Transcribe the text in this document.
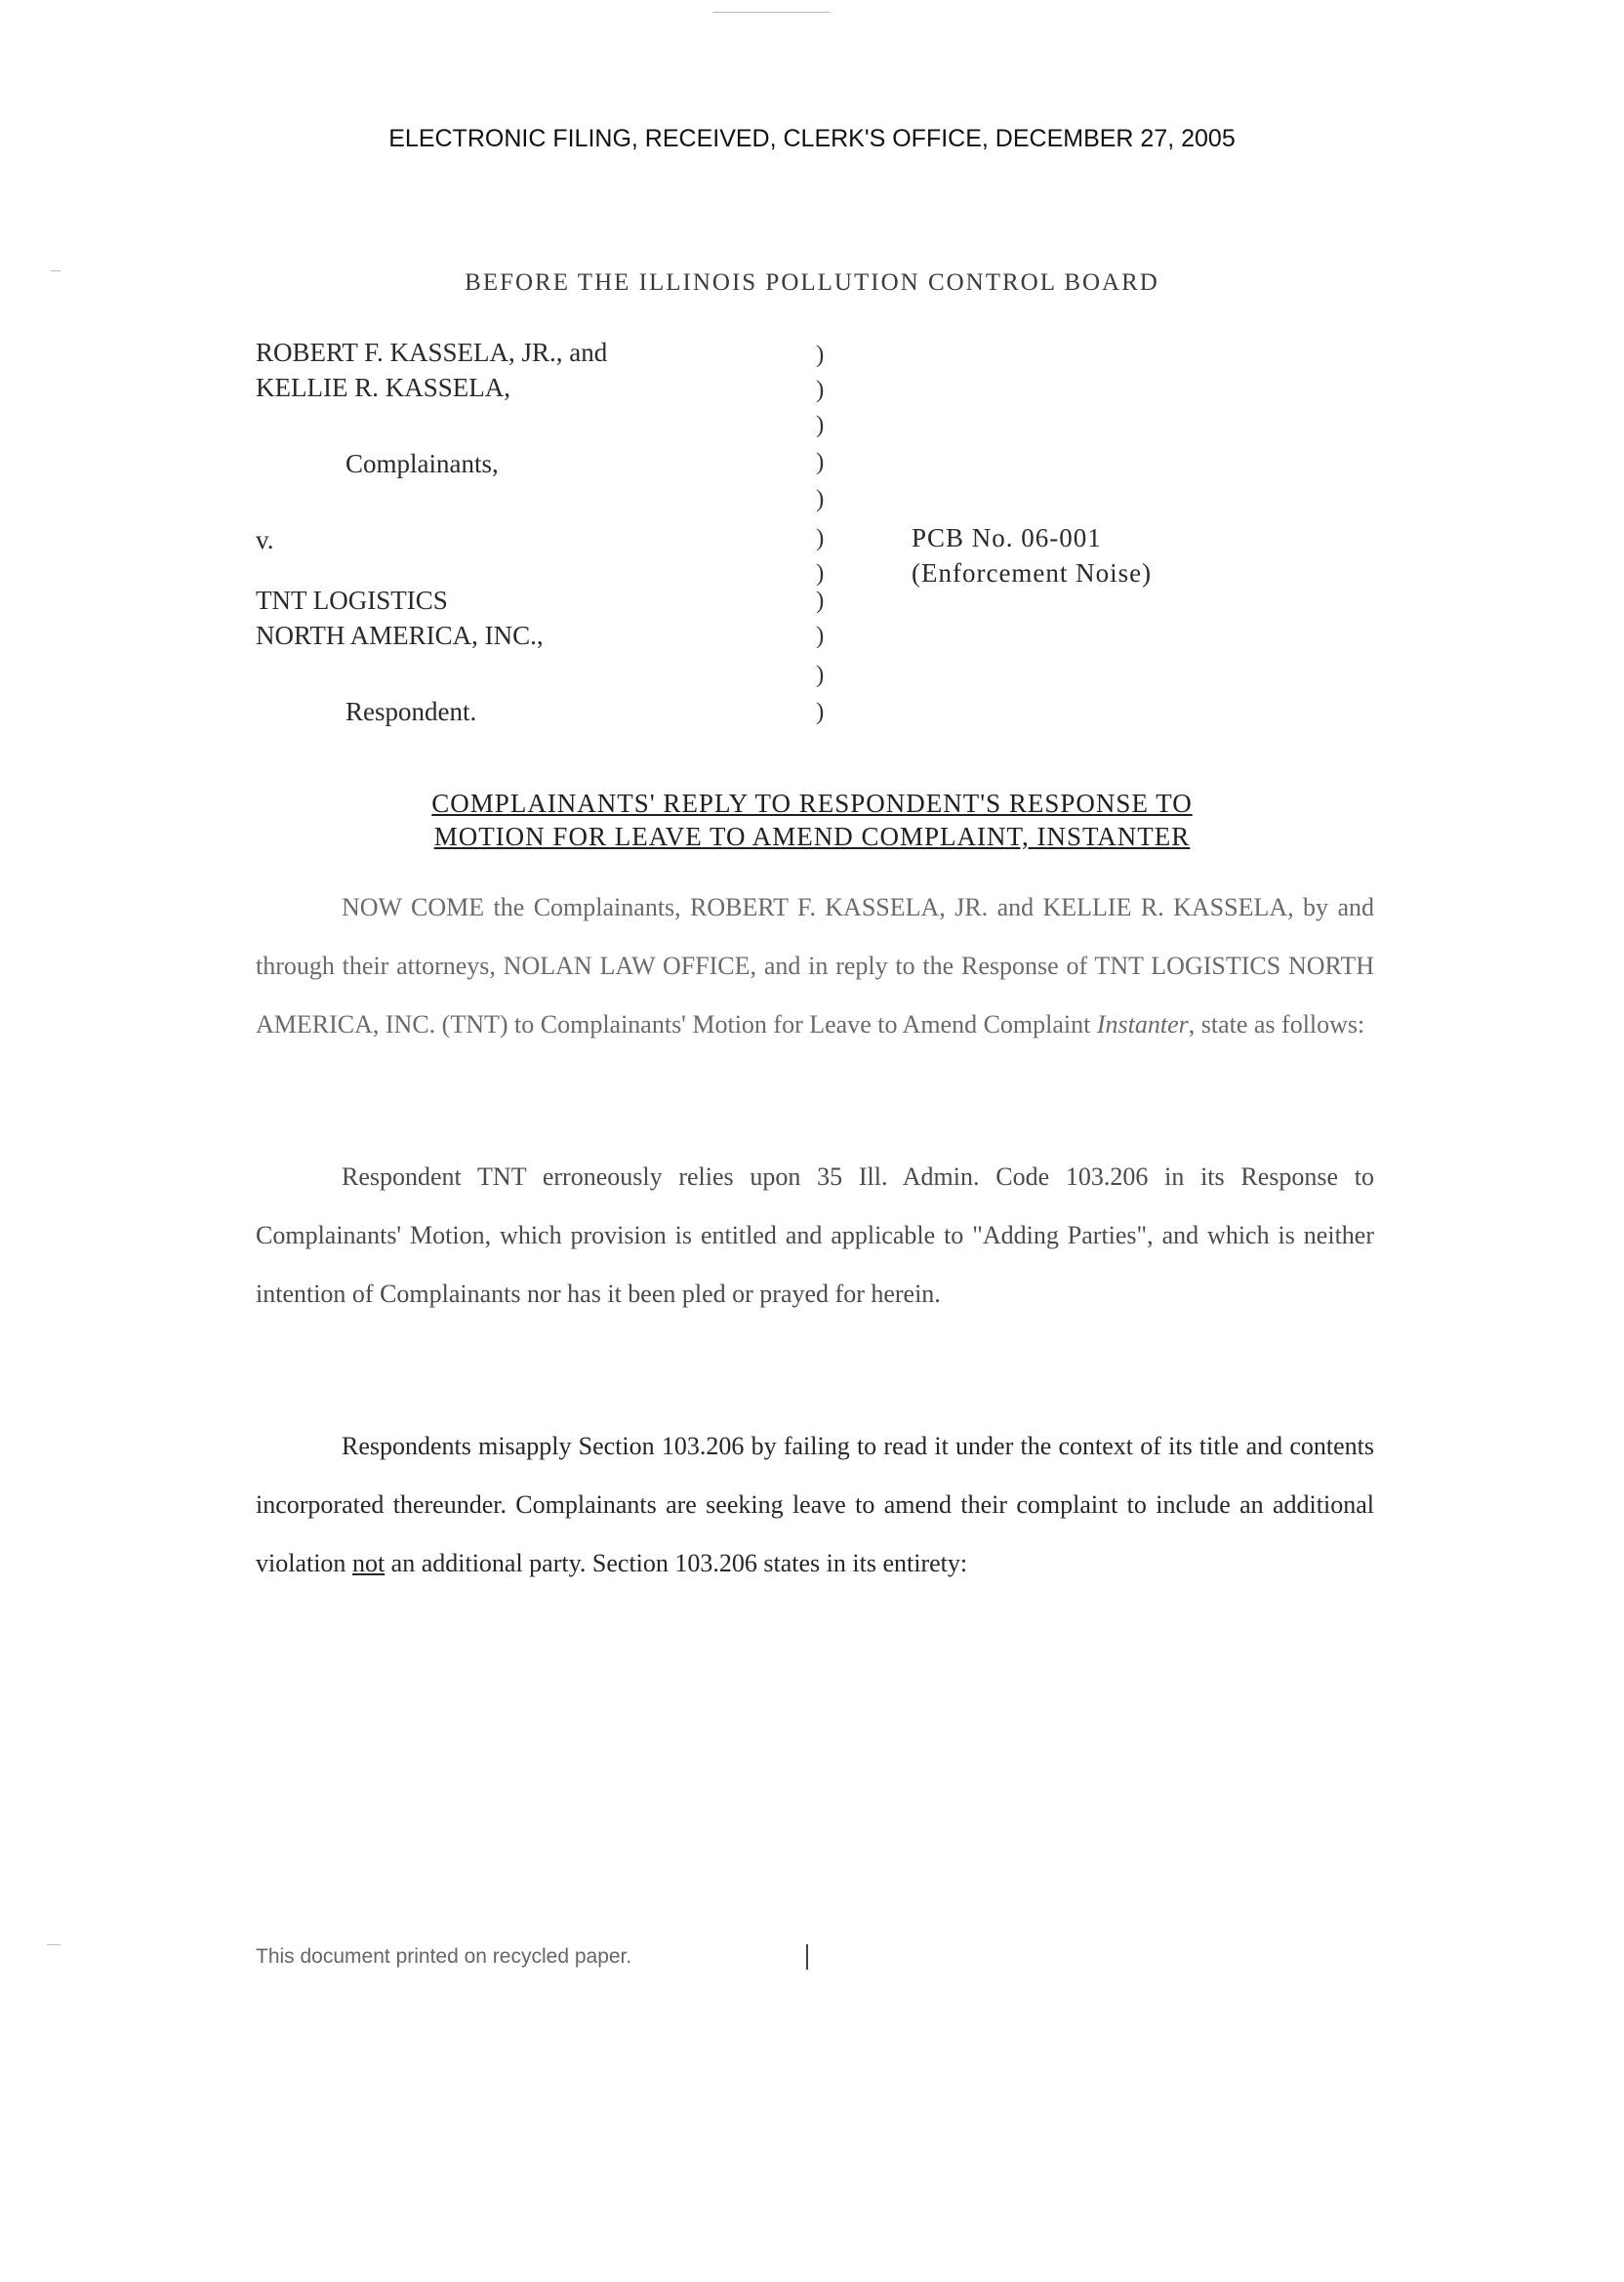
ELECTRONIC FILING, RECEIVED, CLERK'S OFFICE, DECEMBER 27, 2005
BEFORE THE ILLINOIS POLLUTION CONTROL BOARD
ROBERT F. KASSELA, JR., and
KELLIE R. KASSELA,
Complainants,
v.
TNT LOGISTICS
NORTH AMERICA, INC.,
Respondent.
)
)
)
)
)
)
)
)
)
)
)
PCB No. 06-001
(Enforcement Noise)
COMPLAINANTS' REPLY TO RESPONDENT'S RESPONSE TO
MOTION FOR LEAVE TO AMEND COMPLAINT, INSTANTER

NOW COME the Complainants, ROBERT F. KASSELA, JR. and KELLIE R. KASSELA, by and through their attorneys, NOLAN LAW OFFICE, and in reply to the Response of TNT LOGISTICS NORTH AMERICA, INC. (TNT) to Complainants' Motion for Leave to Amend Complaint Instanter, state as follows:

Respondent TNT erroneously relies upon 35 Ill. Admin. Code 103.206 in its Response to Complainants' Motion, which provision is entitled and applicable to "Adding Parties", and which is neither intention of Complainants nor has it been pled or prayed for herein.

Respondents misapply Section 103.206 by failing to read it under the context of its title and contents incorporated thereunder. Complainants are seeking leave to amend their complaint to include an additional violation not an additional party. Section 103.206 states in its entirety:

This document printed on recycled paper.
